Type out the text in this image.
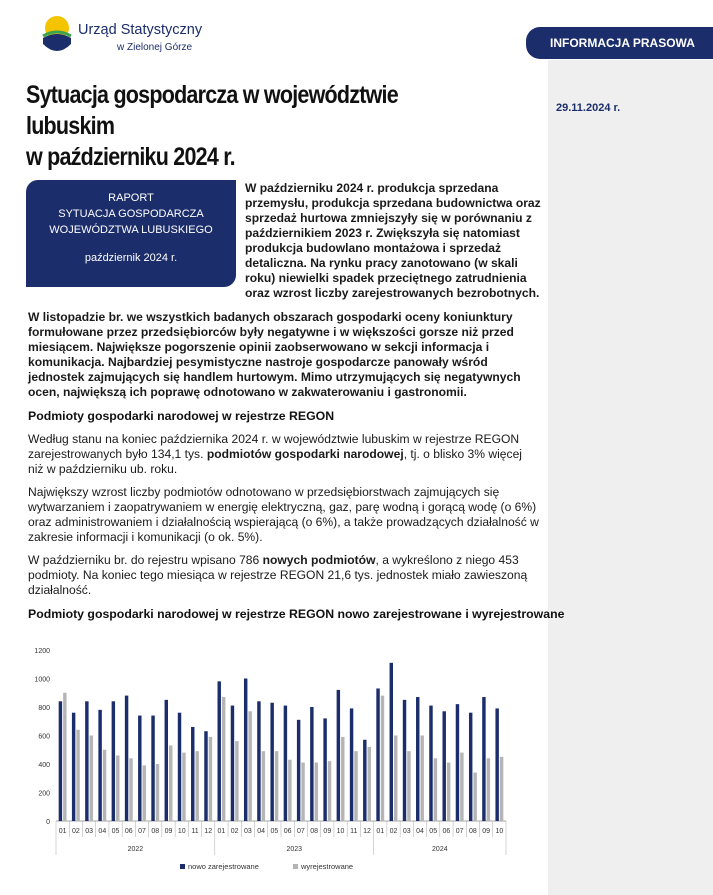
INFORMACJA PRASOWA
29.11.2024 r.
Urząd Statystyczny
w Zielonej Górze
Sytuacja gospodarcza w województwie lubuskim
w październiku 2024 r.
RAPORT
SYTUACJA GOSPODARCZA
WOJEWÓDZTWA LUBUSKIEGO
październik 2024 r.
W październiku 2024 r. produkcja sprzedana przemysłu, produkcja sprzedana budownictwa oraz sprzedaż hurtowa zmniejszyły się w porównaniu z październikiem 2023 r. Zwiększyła się natomiast produkcja budowlano montażowa i sprzedaż detaliczna. Na rynku pracy zanotowano (w skali roku) niewielki spadek przeciętnego zatrudnienia oraz wzrost liczby zarejestrowanych bezrobotnych.
W listopadzie br. we wszystkich badanych obszarach gospodarki oceny koniunktury formułowane przez przedsiębiorców były negatywne i w większości gorsze niż przed miesiącem. Największe pogorszenie opinii zaobserwowano w sekcji informacja i komunikacja. Najbardziej pesymistyczne nastroje gospodarcze panowały wśród jednostek zajmujących się handlem hurtowym. Mimo utrzymujących się negatywnych ocen, największą ich poprawę odnotowano w zakwaterowaniu i gastronomii.
Podmioty gospodarki narodowej w rejestrze REGON
Według stanu na koniec października 2024 r. w województwie lubuskim w rejestrze REGON zarejestrowanych było 134,1 tys. podmiotów gospodarki narodowej, tj. o blisko 3% więcej niż w październiku ub. roku.
Największy wzrost liczby podmiotów odnotowano w przedsiębiorstwach zajmujących się wytwarzaniem i zaopatrywaniem w energię elektryczną, gaz, parę wodną i gorącą wodę (o 6%) oraz administrowaniem i działalnością wspierającą (o 6%), a także prowadzących działalność w zakresie informacji i komunikacji (o ok. 5%).
W październiku br. do rejestru wpisano 786 nowych podmiotów, a wykreślono z niego 453 podmioty. Na koniec tego miesiąca w rejestrze REGON 21,6 tys. jednostek miało zawieszoną działalność.
Podmioty gospodarki narodowej w rejestrze REGON nowo zarejestrowane i wyrejestrowane
0
200
400
600
800
1000
1200
01 02 03 04 05 06 07 08 09 10 11 12 01 02 03 04 05 06 07 08 09 10 11 12 01 02 03 04 05 06 07 08 09 10
2022	2023	2024
nowo zarejestrowane	wyrejestrowane
